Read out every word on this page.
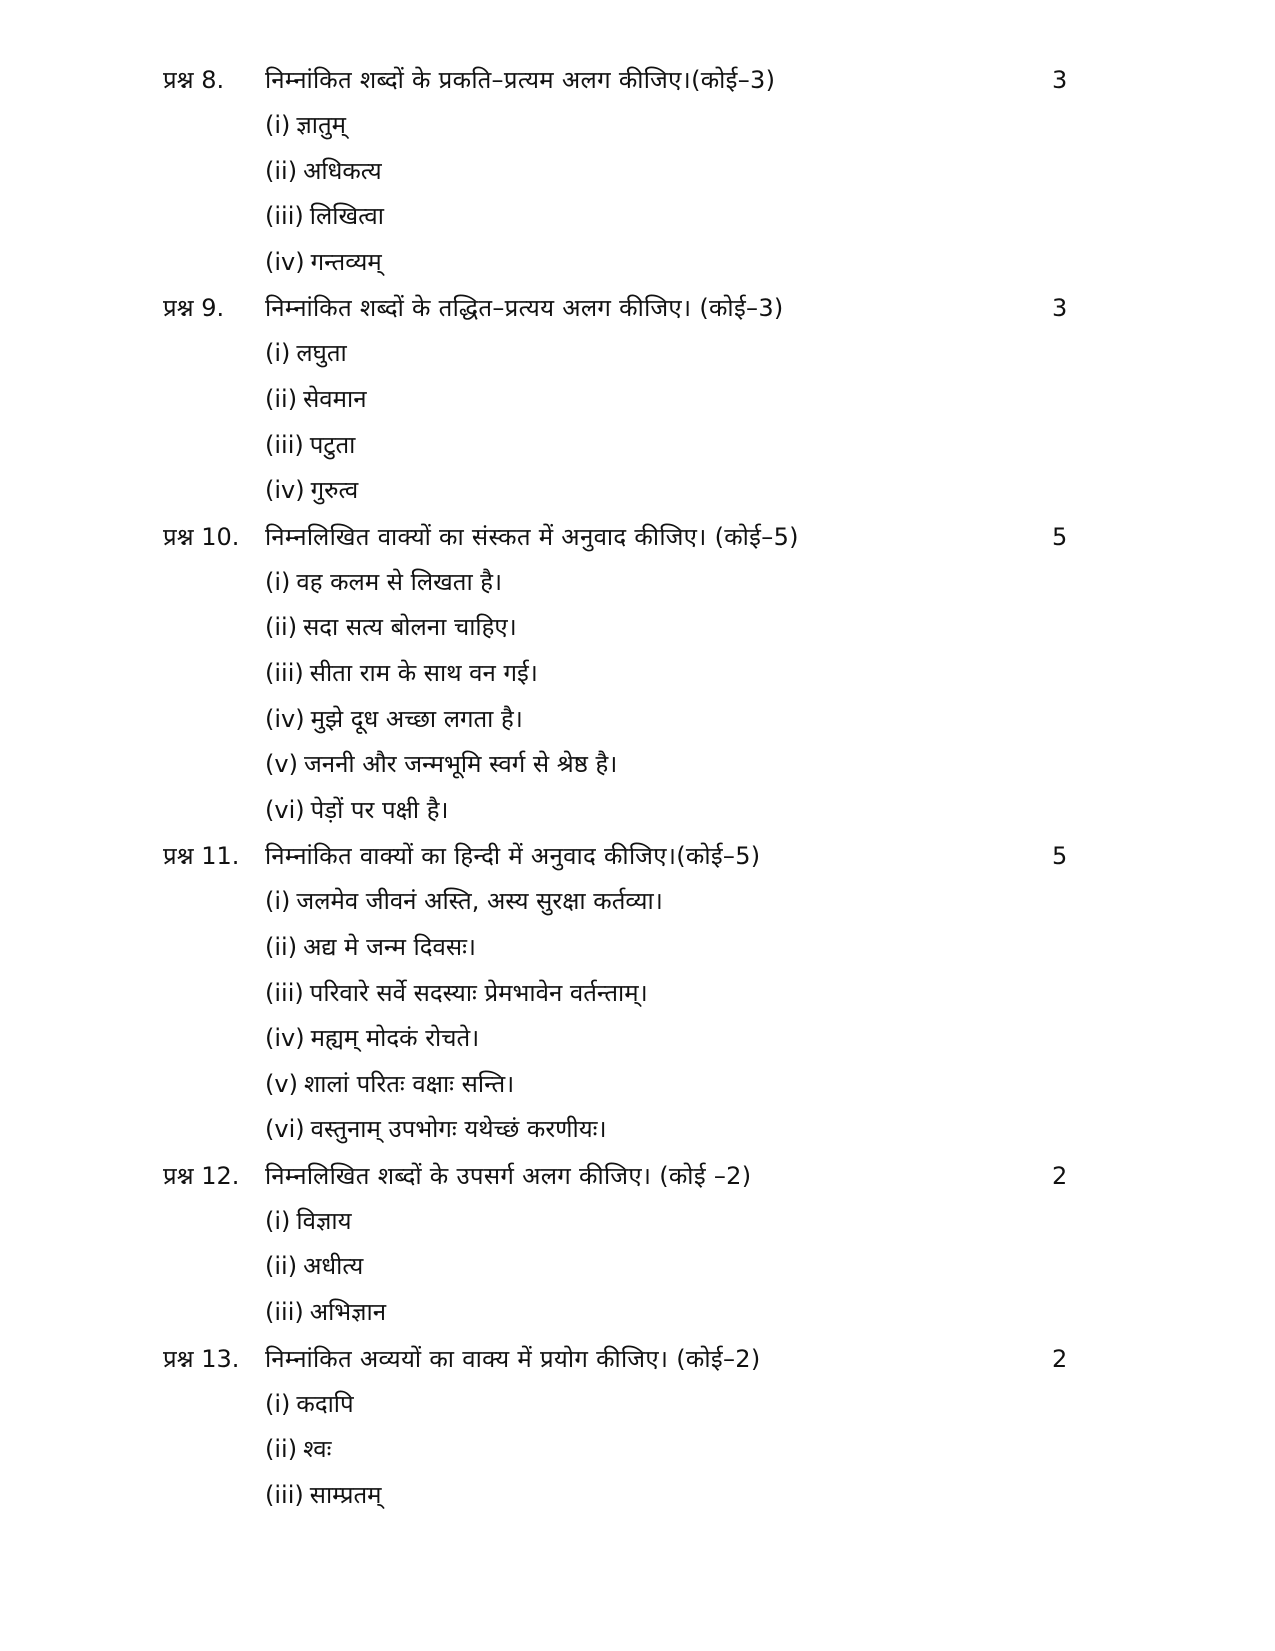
प्रश्न 8. निम्नांकित शब्दों के प्रकति–प्रत्यम अलग कीजिए।(कोई–3)	3
(i) ज्ञातुम्
(ii) अधिकत्य
(iii) लिखित्वा
(iv) गन्तव्यम्
प्रश्न 9. निम्नांकित शब्दों के तद्धित–प्रत्यय अलग कीजिए। (कोई–3)	3
(i) लघुता
(ii) सेवमान
(iii) पटुता
(iv) गुरुत्व
प्रश्न 10. निम्नलिखित वाक्यों का संस्कत में अनुवाद कीजिए। (कोई–5)	5
(i) वह कलम से लिखता है।
(ii) सदा सत्य बोलना चाहिए।
(iii) सीता राम के साथ वन गई।
(iv) मुझे दूध अच्छा लगता है।
(v) जननी और जन्मभूमि स्वर्ग से श्रेष्ठ है।
(vi) पेड़ों पर पक्षी है।
प्रश्न 11. निम्नांकित वाक्यों का हिन्दी में अनुवाद कीजिए।(कोई–5)	5
(i) जलमेव जीवनं अस्ति, अस्य सुरक्षा कर्तव्या।
(ii) अद्य मे जन्म दिवसः।
(iii) परिवारे सर्वे सदस्याः प्रेमभावेन वर्तन्ताम्।
(iv) मह्यम् मोदकं रोचते।
(v) शालां परितः वक्षाः सन्ति।
(vi) वस्तुनाम् उपभोगः यथेच्छं करणीयः।
प्रश्न 12. निम्नलिखित शब्दों के उपसर्ग अलग कीजिए। (कोई –2)	2
(i) विज्ञाय
(ii) अधीत्य
(iii) अभिज्ञान
प्रश्न 13. निम्नांकित अव्ययों का वाक्य में प्रयोग कीजिए। (कोई–2)	2
(i) कदापि
(ii) श्वः
(iii) साम्प्रतम्
